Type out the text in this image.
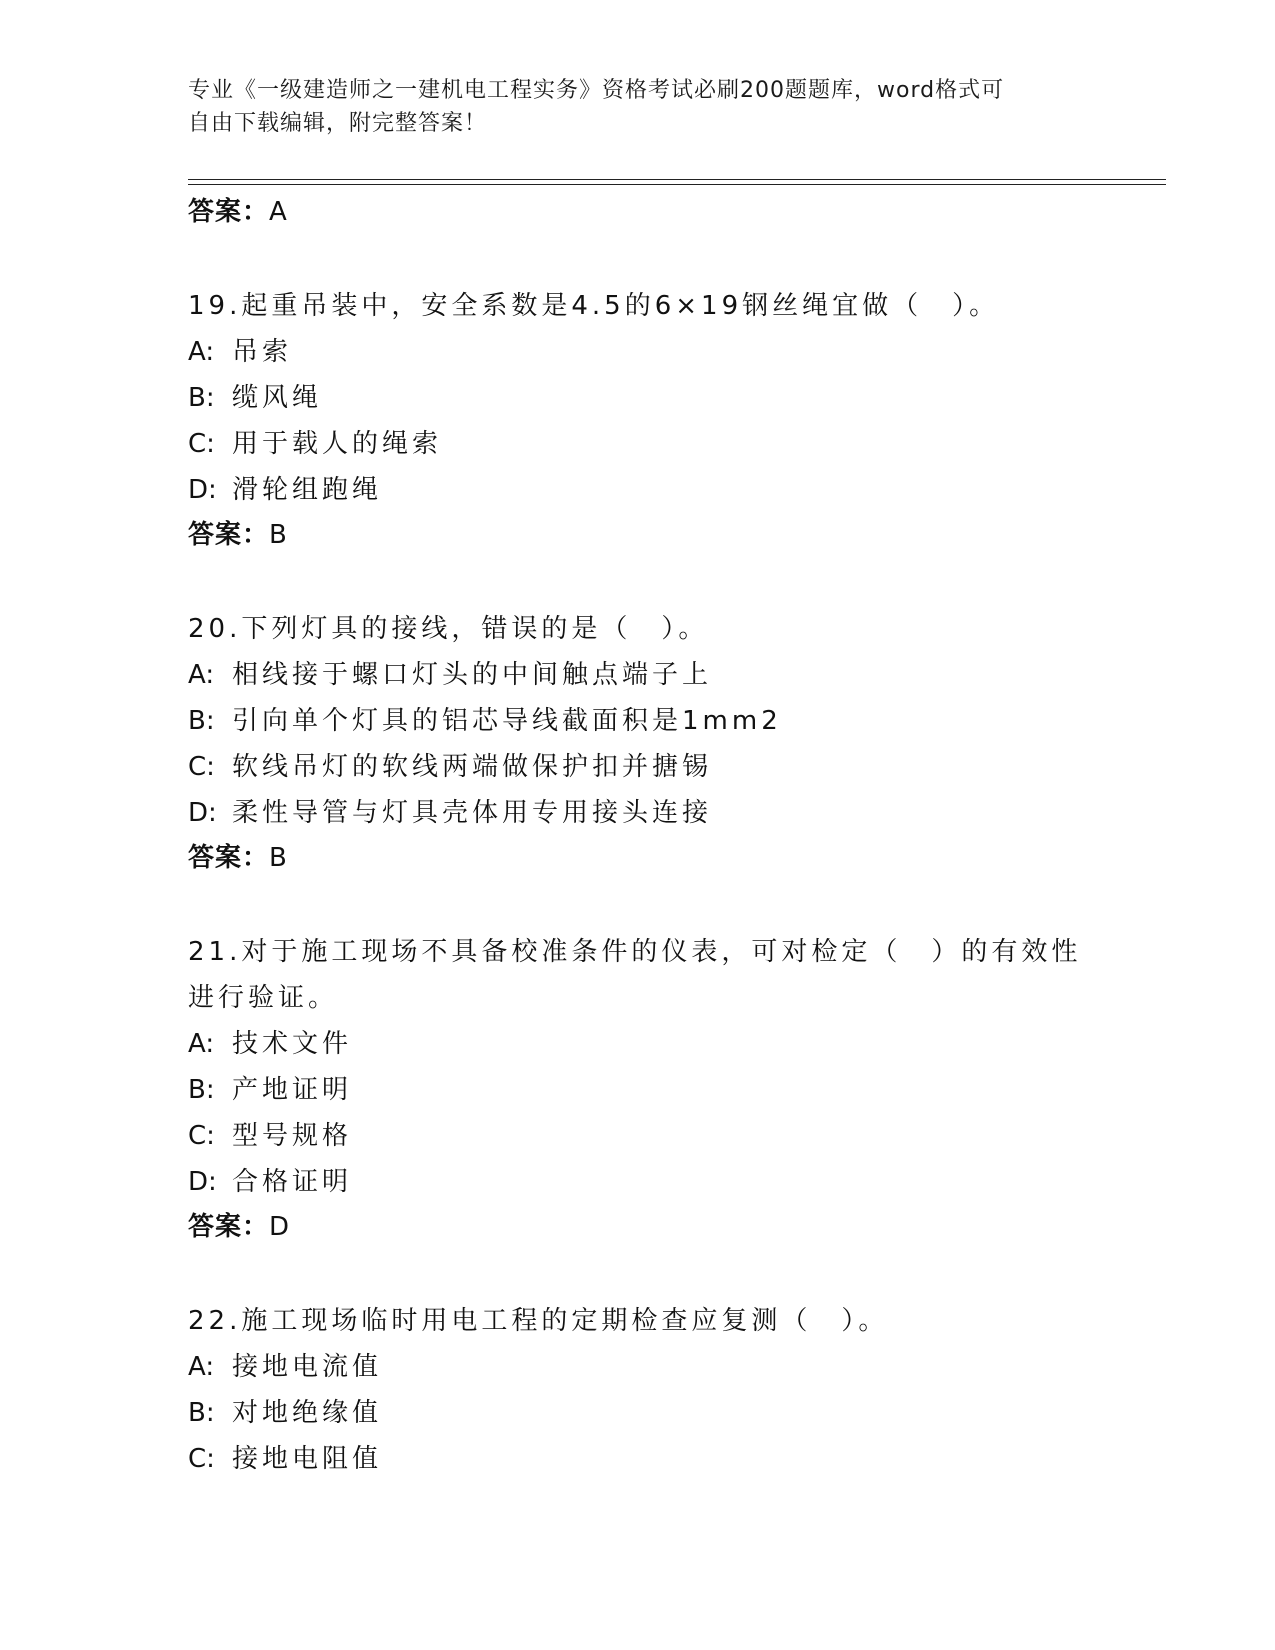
专业《一级建造师之一建机电工程实务》资格考试必刷200题题库，word格式可
自由下载编辑，附完整答案！
答案：A
19.起重吊装中，安全系数是4.5的6×19钢丝绳宜做（　）。
A: 吊索
B: 缆风绳
C: 用于载人的绳索
D: 滑轮组跑绳
答案：B
20.下列灯具的接线，错误的是（　）。
A: 相线接于螺口灯头的中间触点端子上
B: 引向单个灯具的铝芯导线截面积是1mm2
C: 软线吊灯的软线两端做保护扣并搪锡
D: 柔性导管与灯具壳体用专用接头连接
答案：B
21.对于施工现场不具备校准条件的仪表，可对检定（　）的有效性进行验证。
A: 技术文件
B: 产地证明
C: 型号规格
D: 合格证明
答案：D
22.施工现场临时用电工程的定期检查应复测（　）。
A: 接地电流值
B: 对地绝缘值
C: 接地电阻值
